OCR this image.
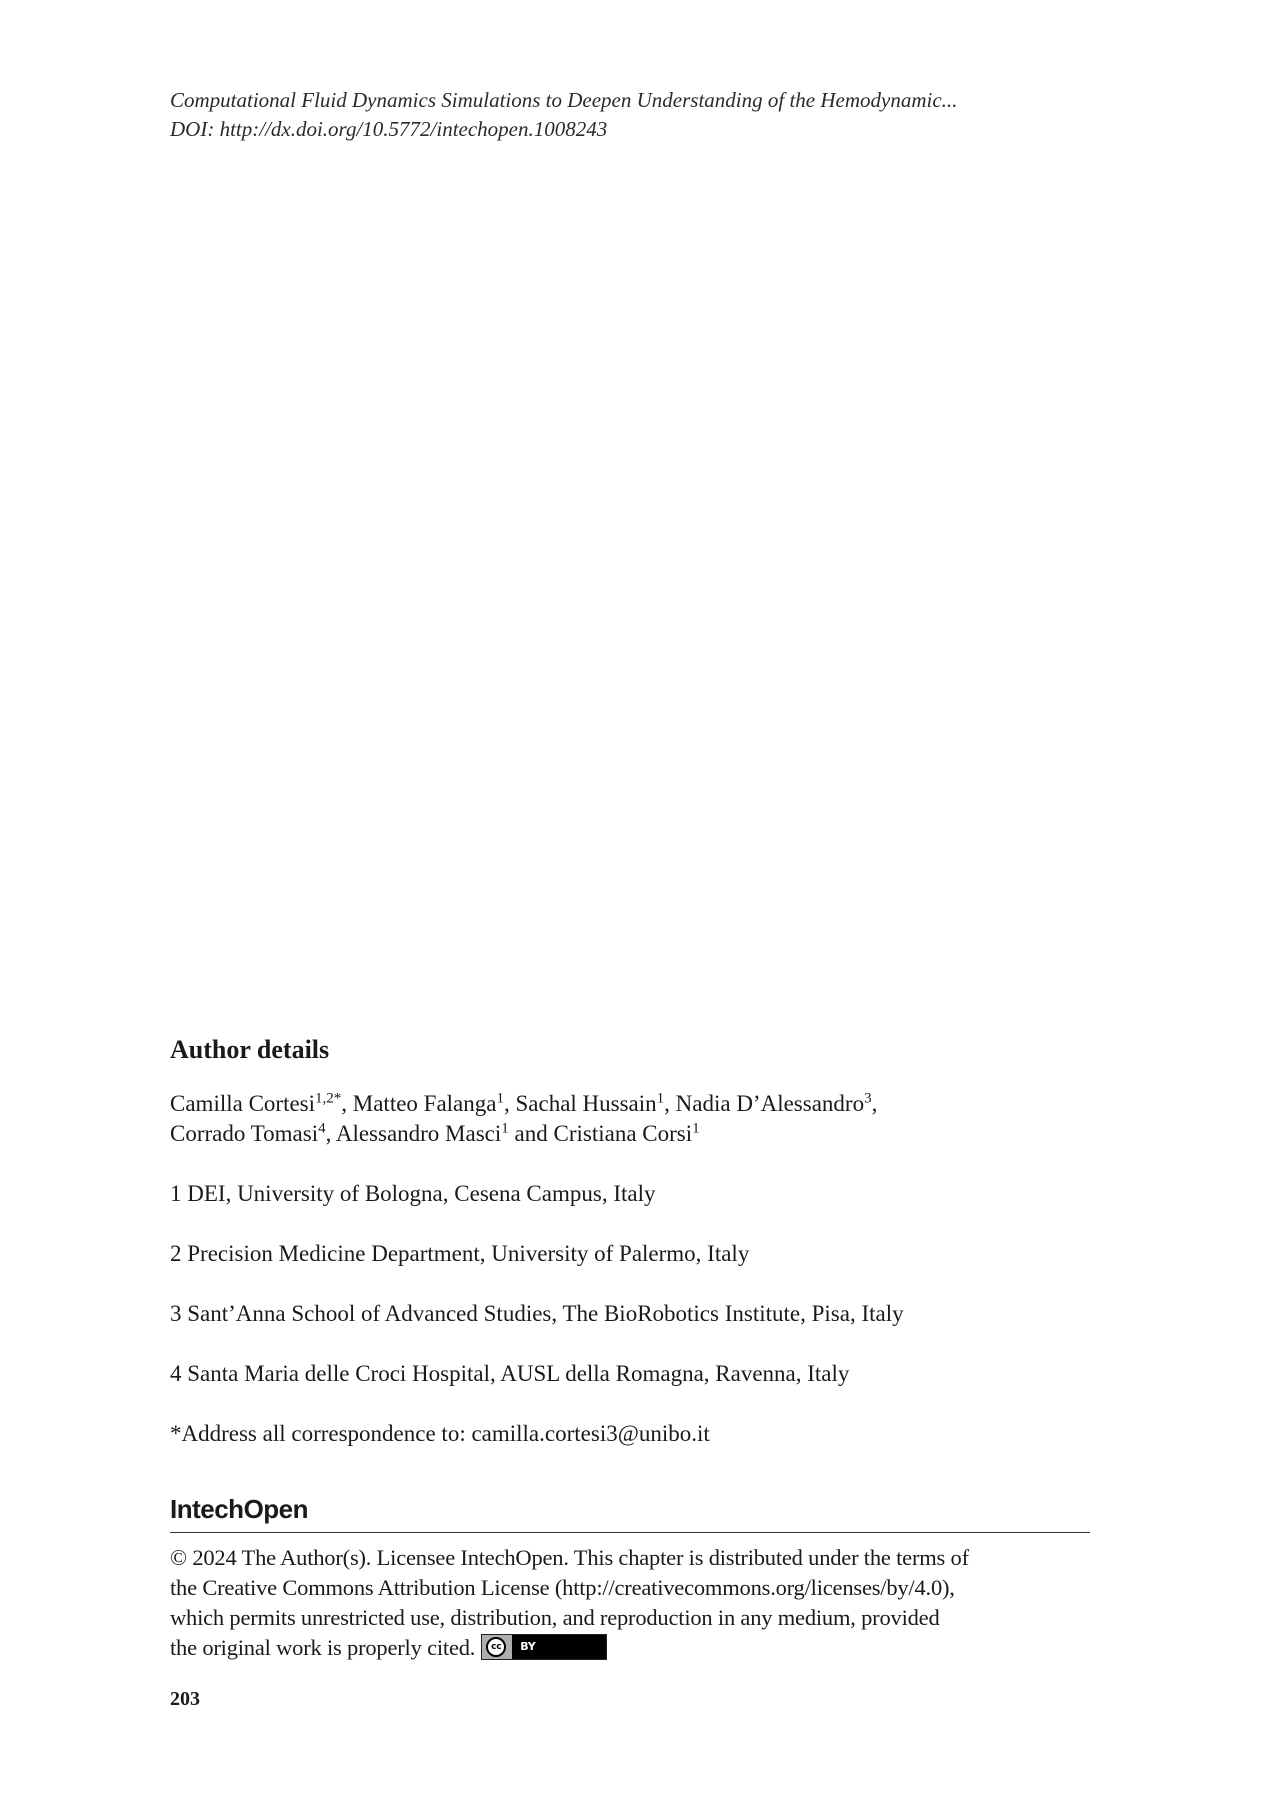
Computational Fluid Dynamics Simulations to Deepen Understanding of the Hemodynamic...
DOI: http://dx.doi.org/10.5772/intechopen.1008243
Author details
Camilla Cortesi$^{1,2*}$, Matteo Falanga$^1$, Sachal Hussain$^1$, Nadia D’Alessandro$^3$,
Corrado Tomasi$^4$, Alessandro Masci$^1$ and Cristiana Corsi$^1$
1 DEI, University of Bologna, Cesena Campus, Italy
2 Precision Medicine Department, University of Palermo, Italy
3 Sant’Anna School of Advanced Studies, The BioRobotics Institute, Pisa, Italy
4 Santa Maria delle Croci Hospital, AUSL della Romagna, Ravenna, Italy
*Address all correspondence to: camilla.cortesi3@unibo.it
IntechOpen
© 2024 The Author(s). Licensee IntechOpen. This chapter is distributed under the terms of
the Creative Commons Attribution License (http://creativecommons.org/licenses/by/4.0),
which permits unrestricted use, distribution, and reproduction in any medium, provided
the original work is properly cited.	cc	BY
203
